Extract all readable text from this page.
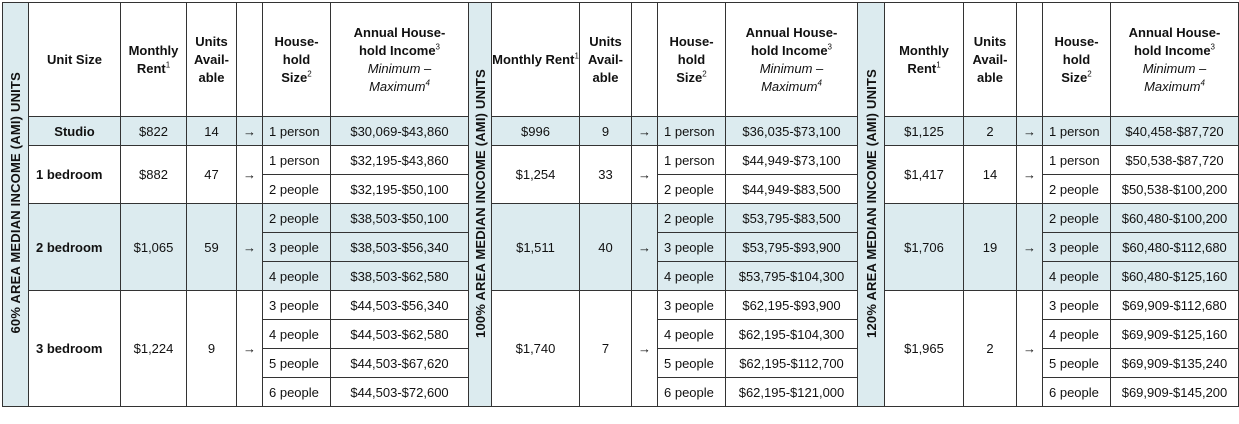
60% AREA MEDIAN INCOME (AMI) UNITS	Unit Size	Monthly Rent$^1$	Units
Avail-
able		House-
hold
Size$^2$	Annual House-
hold Income$^3$
Minimum –
Maximum$^4$	100% AREA MEDIAN INCOME (AMI) UNITS	Monthly Rent$^1$	Units
Avail-
able		House-
hold
Size$^2$	Annual House-
hold Income$^3$
Minimum –
Maximum$^4$	120% AREA MEDIAN INCOME (AMI) UNITS	Monthly Rent$^1$	Units
Avail-
able		House-
hold
Size$^2$	Annual House-
hold Income$^3$
Minimum –
Maximum$^4$

	Studio	$822	14	→	1 person	$30,069-$43,860		$996	9	→	1 person	$36,035-$73,100		$1,125	2	→	1 person	$40,458-$87,720
	1 bedroom	$882	47	→	1 person	$32,195-$43,860		$1,254	33	→	1 person	$44,949-$73,100		$1,417	14	→	1 person	$50,538-$87,720
					2 people	$32,195-$50,100					2 people	$44,949-$83,500					2 people	$50,538-$100,200
	2 bedroom	$1,065	59	→	2 people	$38,503-$50,100		$1,511	40	→	2 people	$53,795-$83,500		$1,706	19	→	2 people	$60,480-$100,200
					3 people	$38,503-$56,340					3 people	$53,795-$93,900					3 people	$60,480-$112,680
					4 people	$38,503-$62,580					4 people	$53,795-$104,300					4 people	$60,480-$125,160
	3 bedroom	$1,224	9	→	3 people	$44,503-$56,340		$1,740	7	→	3 people	$62,195-$93,900		$1,965	2	→	3 people	$69,909-$112,680
					4 people	$44,503-$62,580					4 people	$62,195-$104,300					4 people	$69,909-$125,160
					5 people	$44,503-$67,620					5 people	$62,195-$112,700					5 people	$69,909-$135,240
					6 people	$44,503-$72,600					6 people	$62,195-$121,000					6 people	$69,909-$145,200
